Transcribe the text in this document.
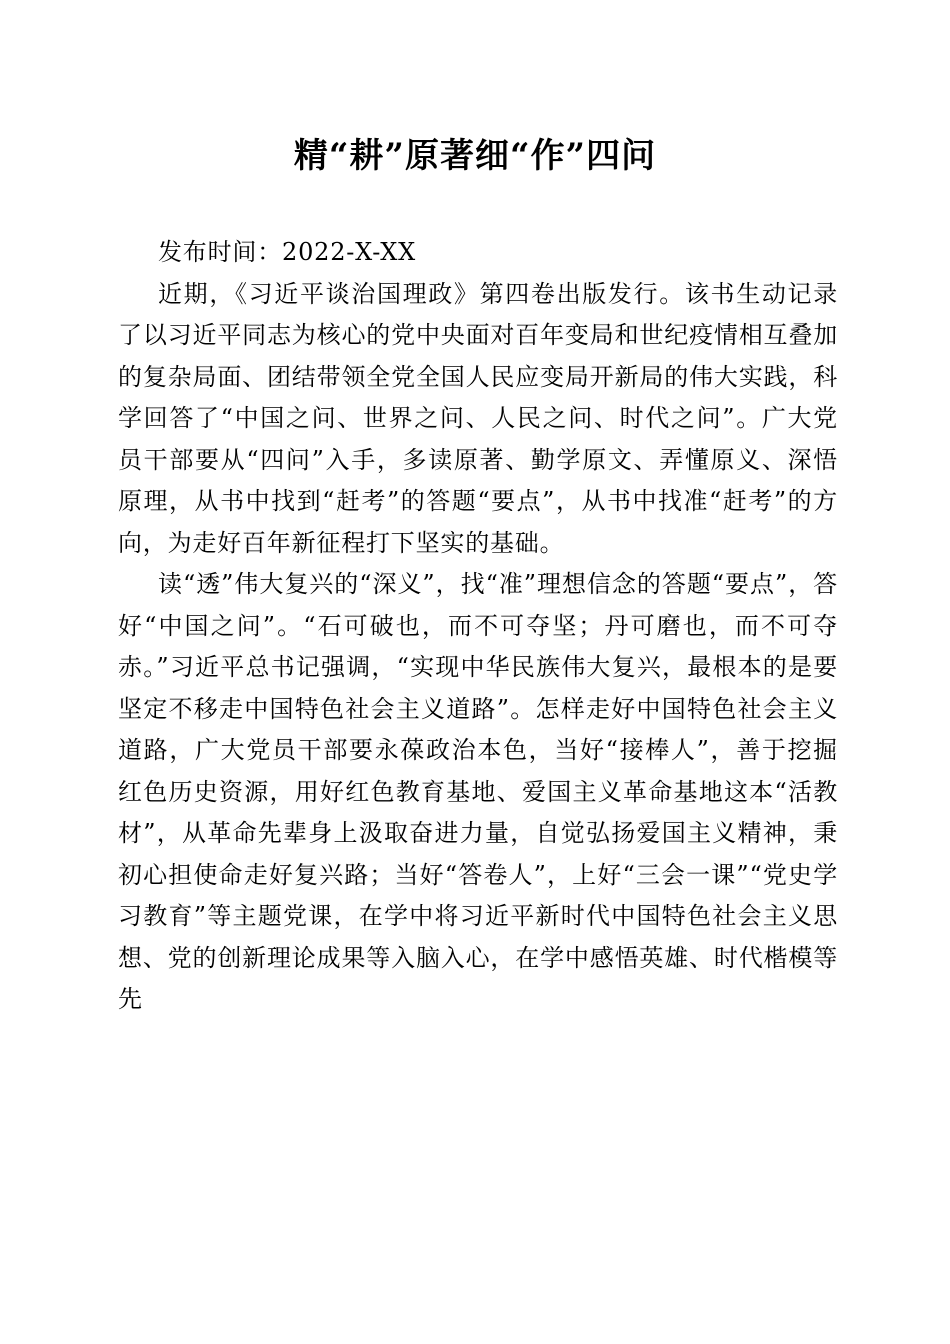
精“耕”原著细“作”四问

发布时间：2022-X-XX

近期，《习近平谈治国理政》第四卷出版发行。该书生动记录了以习近平同志为核心的党中央面对百年变局和世纪疫情相互叠加的复杂局面、团结带领全党全国人民应变局开新局的伟大实践，科学回答了“中国之问、世界之问、人民之问、时代之问”。广大党员干部要从“四问”入手，多读原著、勤学原文、弄懂原义、深悟原理，从书中找到“赶考”的答题“要点”，从书中找准“赶考”的方向，为走好百年新征程打下坚实的基础。

读“透”伟大复兴的“深义”，找“准”理想信念的答题“要点”，答好“中国之问”。“石可破也，而不可夺坚；丹可磨也，而不可夺赤。”习近平总书记强调，“实现中华民族伟大复兴，最根本的是要坚定不移走中国特色社会主义道路”。怎样走好中国特色社会主义道路，广大党员干部要永葆政治本色，当好“接棒人”，善于挖掘红色历史资源，用好红色教育基地、爱国主义革命基地这本“活教材”，从革命先辈身上汲取奋进力量，自觉弘扬爱国主义精神，秉初心担使命走好复兴路；当好“答卷人”，上好“三会一课”“党史学习教育”等主题党课，在学中将习近平新时代中国特色社会主义思想、党的创新理论成果等入脑入心，在学中感悟英雄、时代楷模等先
